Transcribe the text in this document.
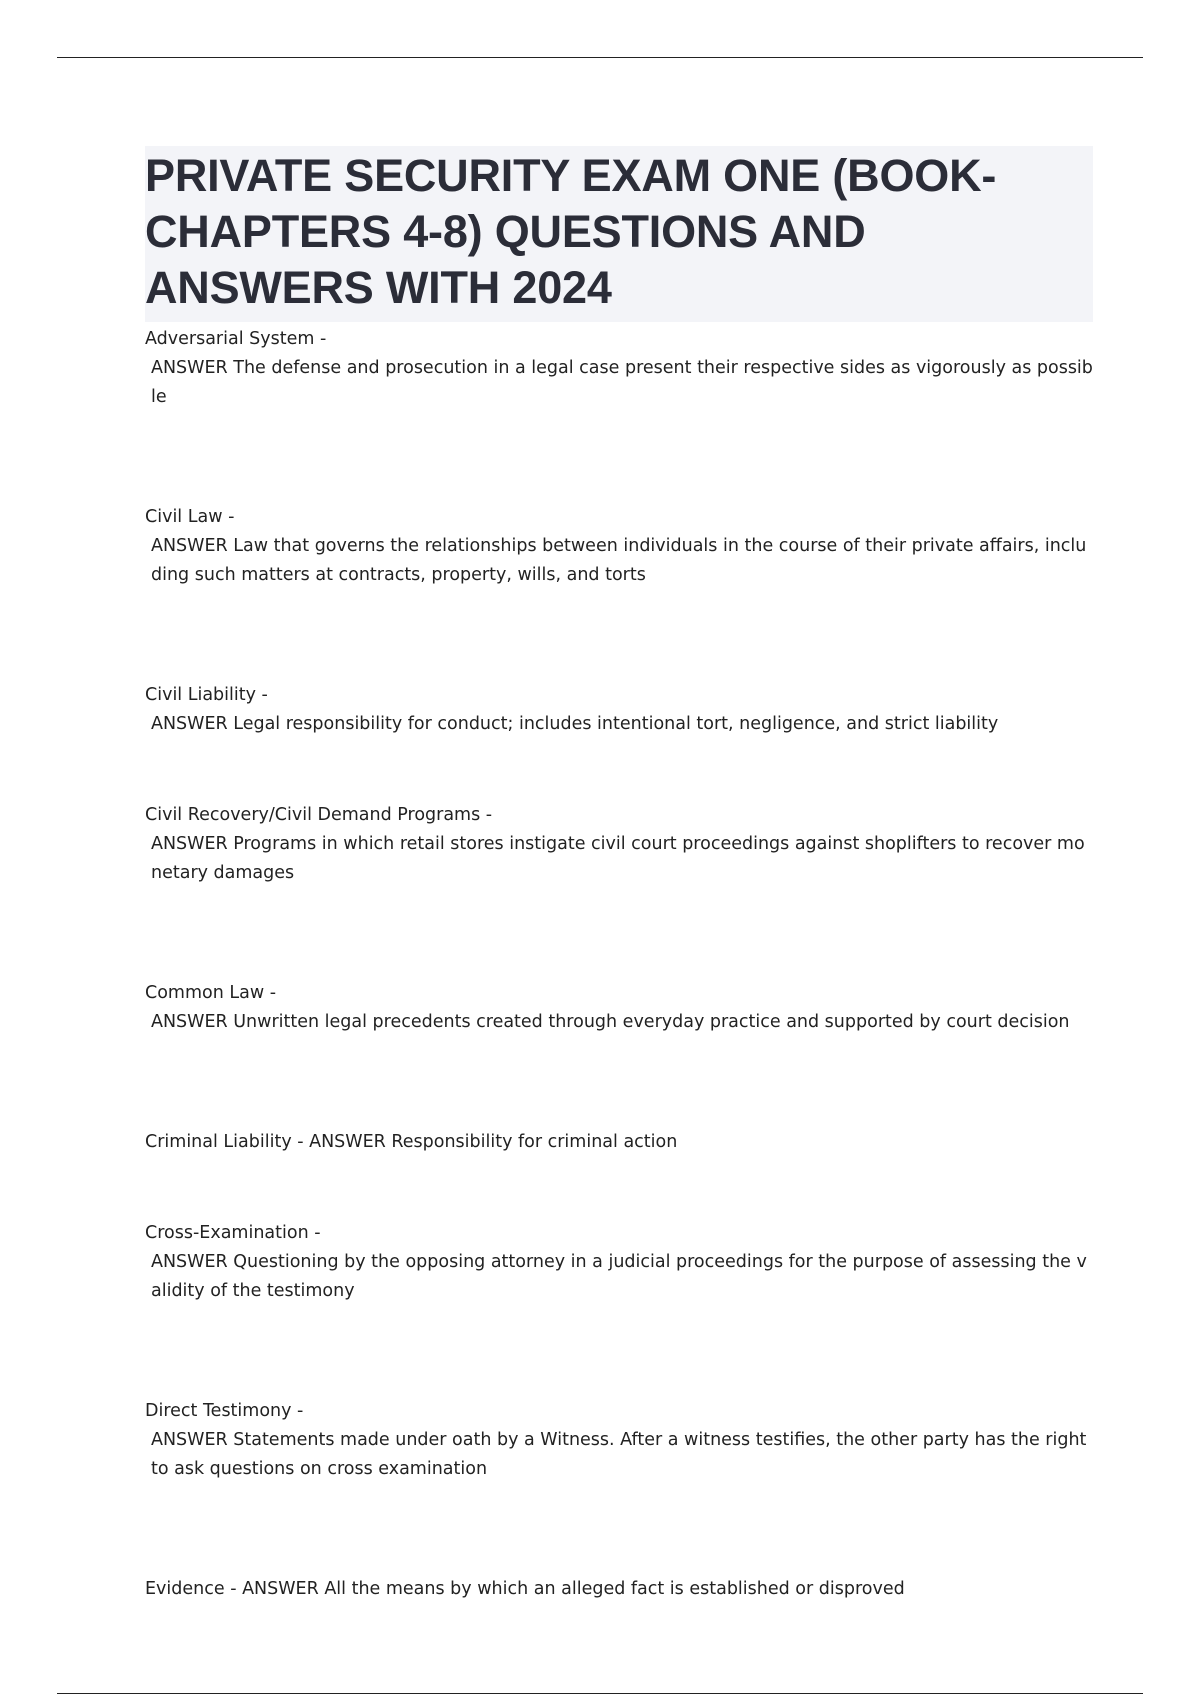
PRIVATE SECURITY EXAM ONE (BOOK-CHAPTERS 4-8) QUESTIONS AND ANSWERS WITH 2024
Adversarial System -
ANSWER The defense and prosecution in a legal case present their respective sides as vigorously as possible
Civil Law -
ANSWER Law that governs the relationships between individuals in the course of their private affairs, including such matters at contracts, property, wills, and torts
Civil Liability -
ANSWER Legal responsibility for conduct; includes intentional tort, negligence, and strict liability
Civil Recovery/Civil Demand Programs -
ANSWER Programs in which retail stores instigate civil court proceedings against shoplifters to recover monetary damages
Common Law -
ANSWER Unwritten legal precedents created through everyday practice and supported by court decision
Criminal Liability - ANSWER Responsibility for criminal action
Cross-Examination -
ANSWER Questioning by the opposing attorney in a judicial proceedings for the purpose of assessing the validity of the testimony
Direct Testimony -
ANSWER Statements made under oath by a Witness. After a witness testifies, the other party has the right to ask questions on cross examination
Evidence - ANSWER All the means by which an alleged fact is established or disproved
